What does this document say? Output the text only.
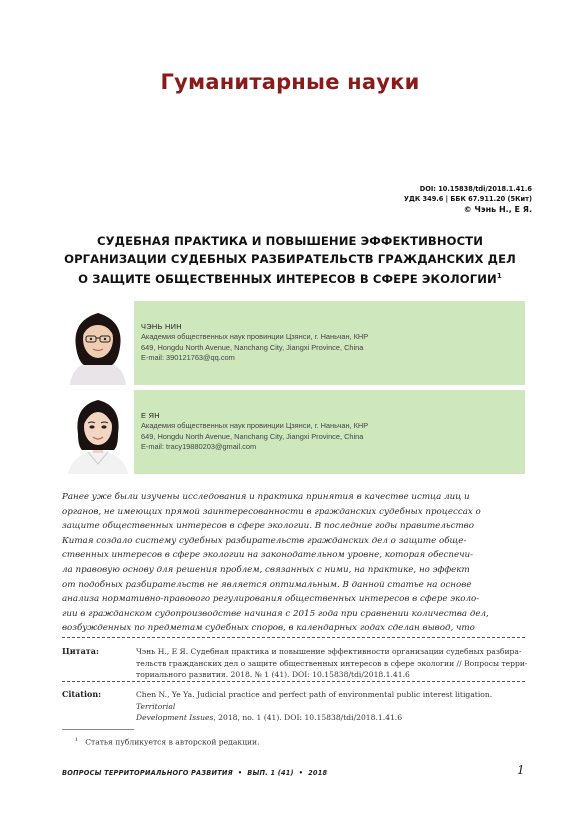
Гуманитарные науки
DOI: 10.15838/tdi/2018.1.41.6
УДК 349.6 | ББК 67.911.20 (5Кит)
© Чэнь Н., Е Я.
СУДЕБНАЯ ПРАКТИКА И ПОВЫШЕНИЕ ЭФФЕКТИВНОСТИ
ОРГАНИЗАЦИИ СУДЕБНЫХ РАЗБИРАТЕЛЬСТВ ГРАЖДАНСКИХ ДЕЛ
О ЗАЩИТЕ ОБЩЕСТВЕННЫХ ИНТЕРЕСОВ В СФЕРЕ ЭКОЛОГИИ$^1$
ЧЭНЬ НИН
Академия общественных наук провинции Цзянси, г. Наньчан, КНР
649, Hongdu North Avenue, Nanchang City, Jiangxi Province, China
E-mail: 390121763@qq.com
Е ЯН
Академия общественных наук провинции Цзянси, г. Наньчан, КНР
649, Hongdu North Avenue, Nanchang City, Jiangxi Province, China
E-mail: tracy19880203@gmail.com
Ранее уже были изучены исследования и практика принятия в качестве истца лиц и
органов, не имеющих прямой заинтересованности в гражданских судебных процессах о
защите общественных интересов в сфере экологии. В последние годы правительство
Китая создало систему судебных разбирательств гражданских дел о защите обще-
ственных интересов в сфере экологии на законодательном уровне, которая обеспечи-
ла правовую основу для решения проблем, связанных с ними, на практике, но эффект
от подобных разбирательств не является оптимальным. В данной статье на основе
анализа нормативно-правового регулирования общественных интересов в сфере эколо-
гии в гражданском судопроизводстве начиная с 2015 года при сравнении количества дел,
возбужденных по предметам судебных споров, в календарных годах сделан вывод, что
Цитата:	Чэнь Н., Е Я. Судебная практика и повышение эффективности организации судебных разбира-
тельств гражданских дел о защите общественных интересов в сфере экологии // Вопросы терри-
ториального развития. 2018. № 1 (41). DOI: 10.15838/tdi/2018.1.41.6
Citation:	Chen N., Ye Ya. Judicial practice and perfect path of environmental public interest litigation. Territorial
Development Issues, 2018, no. 1 (41). DOI: 10.15838/tdi/2018.1.41.6
$^1$ Статья публикуется в авторской редакции.
ВОПРОСЫ ТЕРРИТОРИАЛЬНОГО РАЗВИТИЯ  •  ВЫП. 1 (41)  •  2018	1
